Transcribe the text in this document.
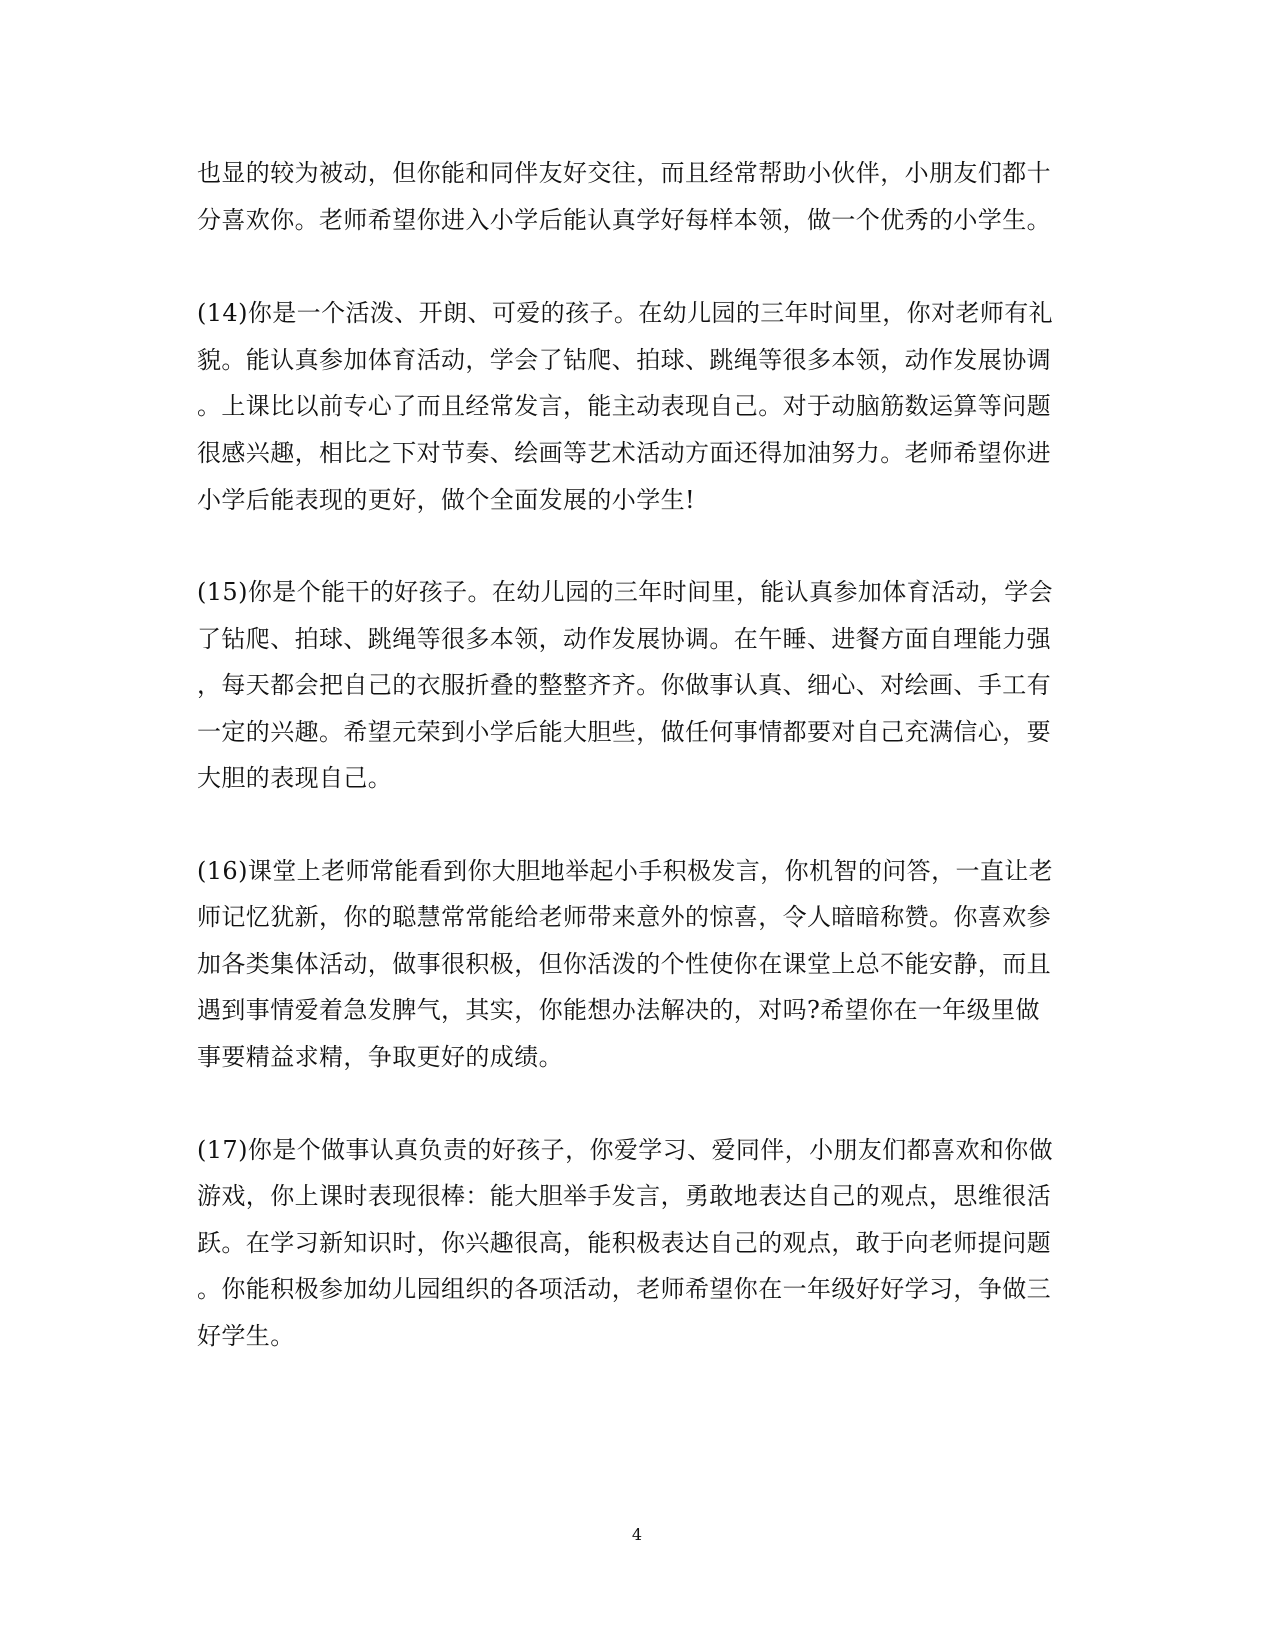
也显的较为被动，但你能和同伴友好交往，而且经常帮助小伙伴，小朋友们都十
分喜欢你。老师希望你进入小学后能认真学好每样本领，做一个优秀的小学生。
(14)你是一个活泼、开朗、可爱的孩子。在幼儿园的三年时间里，你对老师有礼
貌。能认真参加体育活动，学会了钻爬、拍球、跳绳等很多本领，动作发展协调
。上课比以前专心了而且经常发言，能主动表现自己。对于动脑筋数运算等问题
很感兴趣，相比之下对节奏、绘画等艺术活动方面还得加油努力。老师希望你进
小学后能表现的更好，做个全面发展的小学生!
(15)你是个能干的好孩子。在幼儿园的三年时间里，能认真参加体育活动，学会
了钻爬、拍球、跳绳等很多本领，动作发展协调。在午睡、进餐方面自理能力强
，每天都会把自己的衣服折叠的整整齐齐。你做事认真、细心、对绘画、手工有
一定的兴趣。希望元荣到小学后能大胆些，做任何事情都要对自己充满信心，要
大胆的表现自己。
(16)课堂上老师常能看到你大胆地举起小手积极发言，你机智的问答，一直让老
师记忆犹新，你的聪慧常常能给老师带来意外的惊喜，令人暗暗称赞。你喜欢参
加各类集体活动，做事很积极，但你活泼的个性使你在课堂上总不能安静，而且
遇到事情爱着急发脾气，其实，你能想办法解决的，对吗?希望你在一年级里做
事要精益求精，争取更好的成绩。
(17)你是个做事认真负责的好孩子，你爱学习、爱同伴，小朋友们都喜欢和你做
游戏，你上课时表现很棒：能大胆举手发言，勇敢地表达自己的观点，思维很活
跃。在学习新知识时，你兴趣很高，能积极表达自己的观点，敢于向老师提问题
。你能积极参加幼儿园组织的各项活动，老师希望你在一年级好好学习，争做三
好学生。
4
